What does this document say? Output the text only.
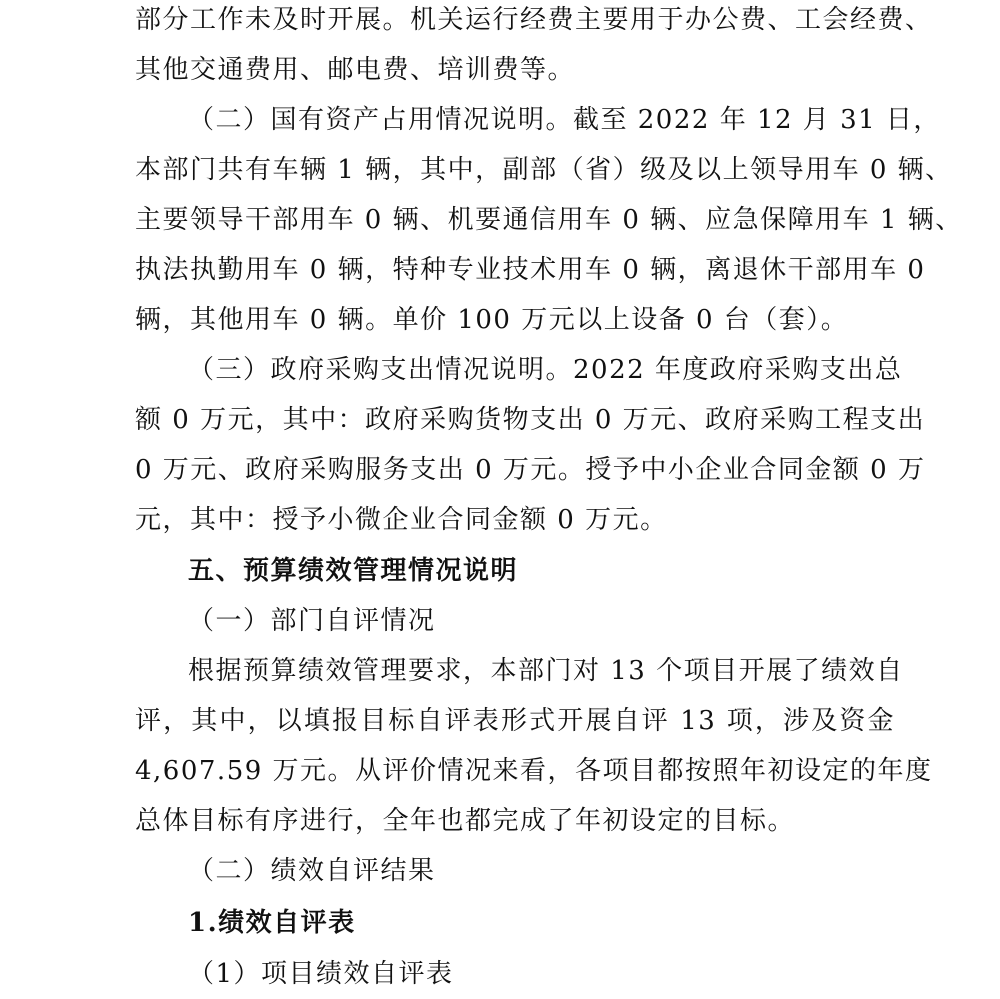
部分工作未及时开展。机关运行经费主要用于办公费、工会经费、
其他交通费用、邮电费、培训费等。
（二）国有资产占用情况说明。截至 2022 年 12 月 31 日，
本部门共有车辆 1 辆，其中，副部（省）级及以上领导用车 0 辆、
主要领导干部用车 0 辆、机要通信用车 0 辆、应急保障用车 1 辆、
执法执勤用车 0 辆，特种专业技术用车 0 辆，离退休干部用车 0
辆，其他用车 0 辆。单价 100 万元以上设备 0 台（套）。
（三）政府采购支出情况说明。2022 年度政府采购支出总
额 0 万元，其中：政府采购货物支出 0 万元、政府采购工程支出
0 万元、政府采购服务支出 0 万元。授予中小企业合同金额 0 万
元，其中：授予小微企业合同金额 0 万元。
五、预算绩效管理情况说明
（一）部门自评情况
根据预算绩效管理要求，本部门对 13 个项目开展了绩效自
评，其中，以填报目标自评表形式开展自评 13 项，涉及资金
4,607.59 万元。从评价情况来看，各项目都按照年初设定的年度
总体目标有序进行，全年也都完成了年初设定的目标。
（二）绩效自评结果
1.绩效自评表
（1）项目绩效自评表
